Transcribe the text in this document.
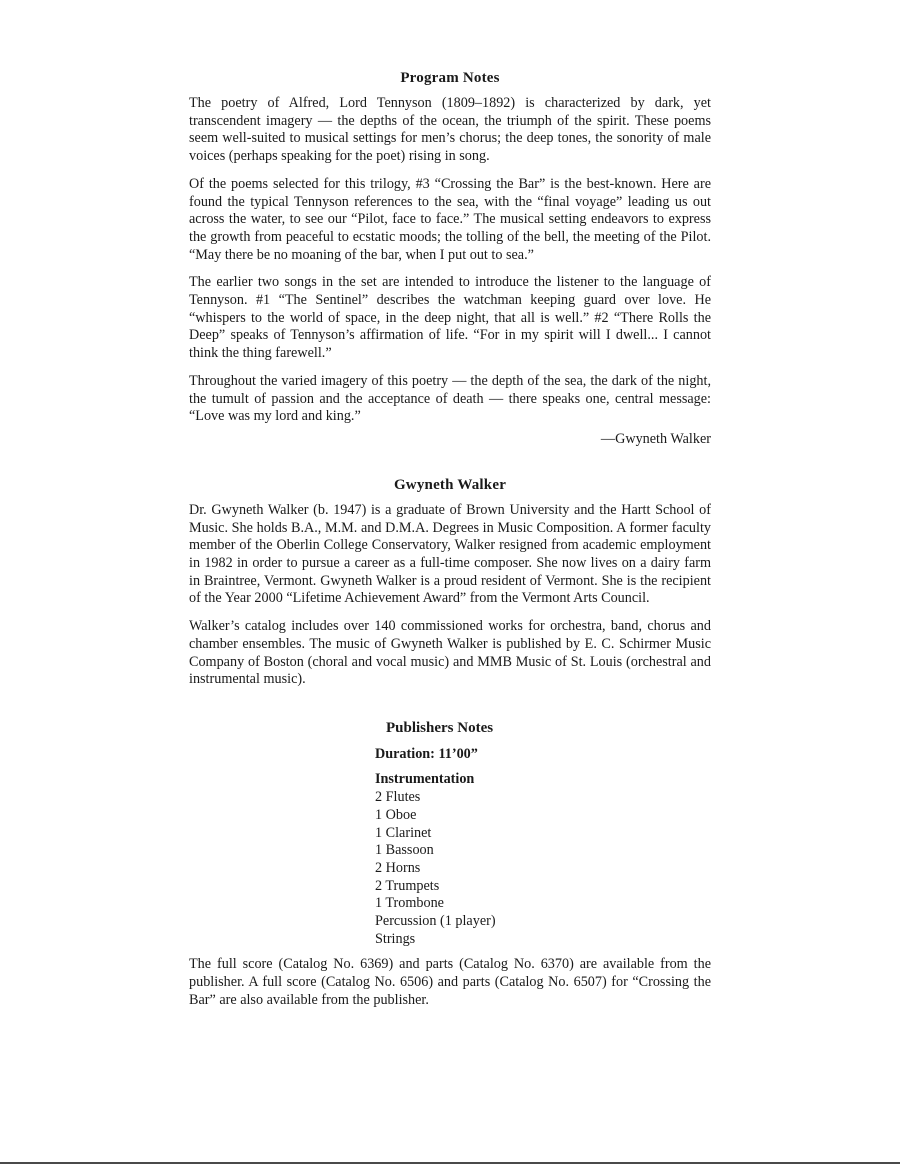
Program Notes

The poetry of Alfred, Lord Tennyson (1809–1892) is characterized by dark, yet transcendent imagery — the depths of the ocean, the triumph of the spirit. These poems seem well-suited to musical settings for men’s chorus; the deep tones, the sonority of male voices (perhaps speaking for the poet) rising in song.

Of the poems selected for this trilogy, #3 “Crossing the Bar” is the best-known. Here are found the typical Tennyson references to the sea, with the “final voyage” leading us out across the water, to see our “Pilot, face to face.” The musical setting endeavors to express the growth from peaceful to ecstatic moods; the tolling of the bell, the meeting of the Pilot. “May there be no moaning of the bar, when I put out to sea.”

The earlier two songs in the set are intended to introduce the listener to the language of Tennyson. #1 “The Sentinel” describes the watchman keeping guard over love. He “whispers to the world of space, in the deep night, that all is well.” #2 “There Rolls the Deep” speaks of Tennyson’s affirmation of life. “For in my spirit will I dwell... I cannot think the thing farewell.”

Throughout the varied imagery of this poetry — the depth of the sea, the dark of the night, the tumult of passion and the acceptance of death — there speaks one, central message: “Love was my lord and king.”

—Gwyneth Walker

Gwyneth Walker

Dr. Gwyneth Walker (b. 1947) is a graduate of Brown University and the Hartt School of Music. She holds B.A., M.M. and D.M.A. Degrees in Music Composition. A former faculty member of the Oberlin College Conservatory, Walker resigned from academic employment in 1982 in order to pursue a career as a full-time composer. She now lives on a dairy farm in Braintree, Vermont. Gwyneth Walker is a proud resident of Vermont. She is the recipient of the Year 2000 “Lifetime Achievement Award” from the Vermont Arts Council.

Walker’s catalog includes over 140 commissioned works for orchestra, band, chorus and chamber ensembles. The music of Gwyneth Walker is published by E. C. Schirmer Music Company of Boston (choral and vocal music) and MMB Music of St. Louis (orchestral and instrumental music).

Publishers Notes

Duration: 11’00”

Instrumentation

2 Flutes
1 Oboe
1 Clarinet
1 Bassoon
2 Horns
2 Trumpets
1 Trombone
Percussion (1 player)
Strings

The full score (Catalog No. 6369) and parts (Catalog No. 6370) are available from the publisher. A full score (Catalog No. 6506) and parts (Catalog No. 6507) for “Crossing the Bar” are also available from the publisher.
